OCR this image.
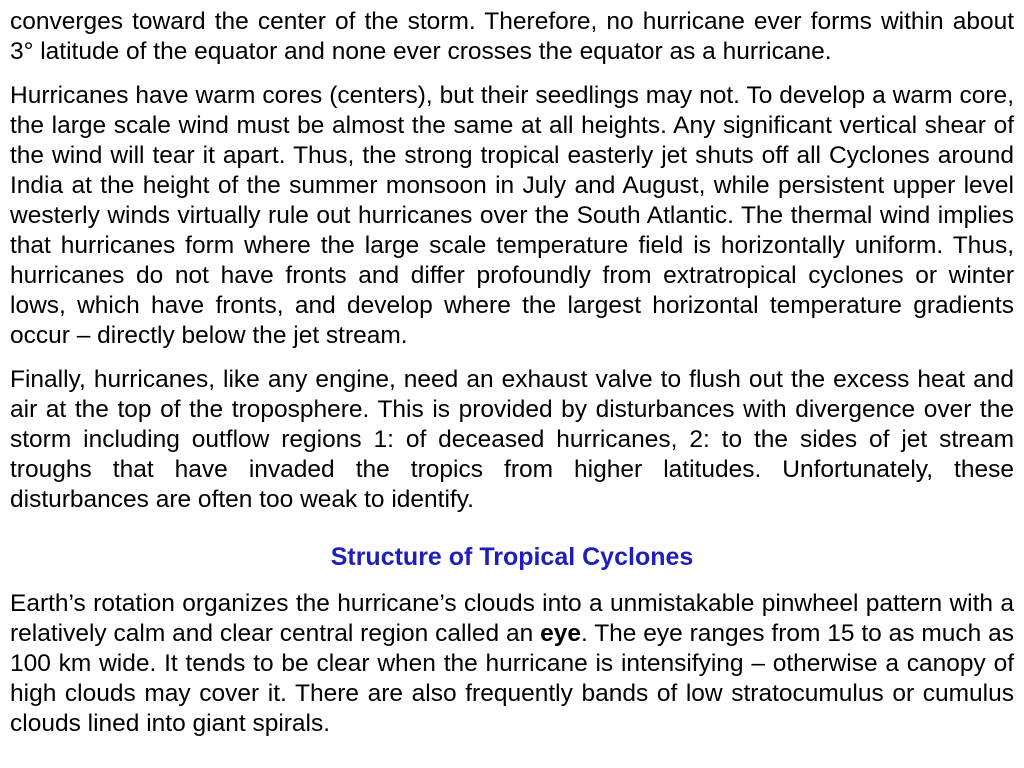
converges toward the center of the storm. Therefore, no hurricane ever forms within about 3° latitude of the equator and none ever crosses the equator as a hurricane.

Hurricanes have warm cores (centers), but their seedlings may not. To develop a warm core, the large scale wind must be almost the same at all heights. Any significant vertical shear of the wind will tear it apart. Thus, the strong tropical easterly jet shuts off all Cyclones around India at the height of the summer monsoon in July and August, while persistent upper level westerly winds virtually rule out hurricanes over the South Atlantic. The thermal wind implies that hurricanes form where the large scale temperature field is horizontally uniform. Thus, hurricanes do not have fronts and differ profoundly from extratropical cyclones or winter lows, which have fronts, and develop where the largest horizontal temperature gradients occur – directly below the jet stream.

Finally, hurricanes, like any engine, need an exhaust valve to flush out the excess heat and air at the top of the troposphere. This is provided by disturbances with divergence over the storm including outflow regions 1: of deceased hurricanes, 2: to the sides of jet stream troughs that have invaded the tropics from higher latitudes. Unfortunately, these disturbances are often too weak to identify.

Structure of Tropical Cyclones

Earth’s rotation organizes the hurricane’s clouds into a unmistakable pinwheel pattern with a relatively calm and clear central region called an eye. The eye ranges from 15 to as much as 100 km wide. It tends to be clear when the hurricane is intensifying – otherwise a canopy of high clouds may cover it. There are also frequently bands of low stratocumulus or cumulus clouds lined into giant spirals.
